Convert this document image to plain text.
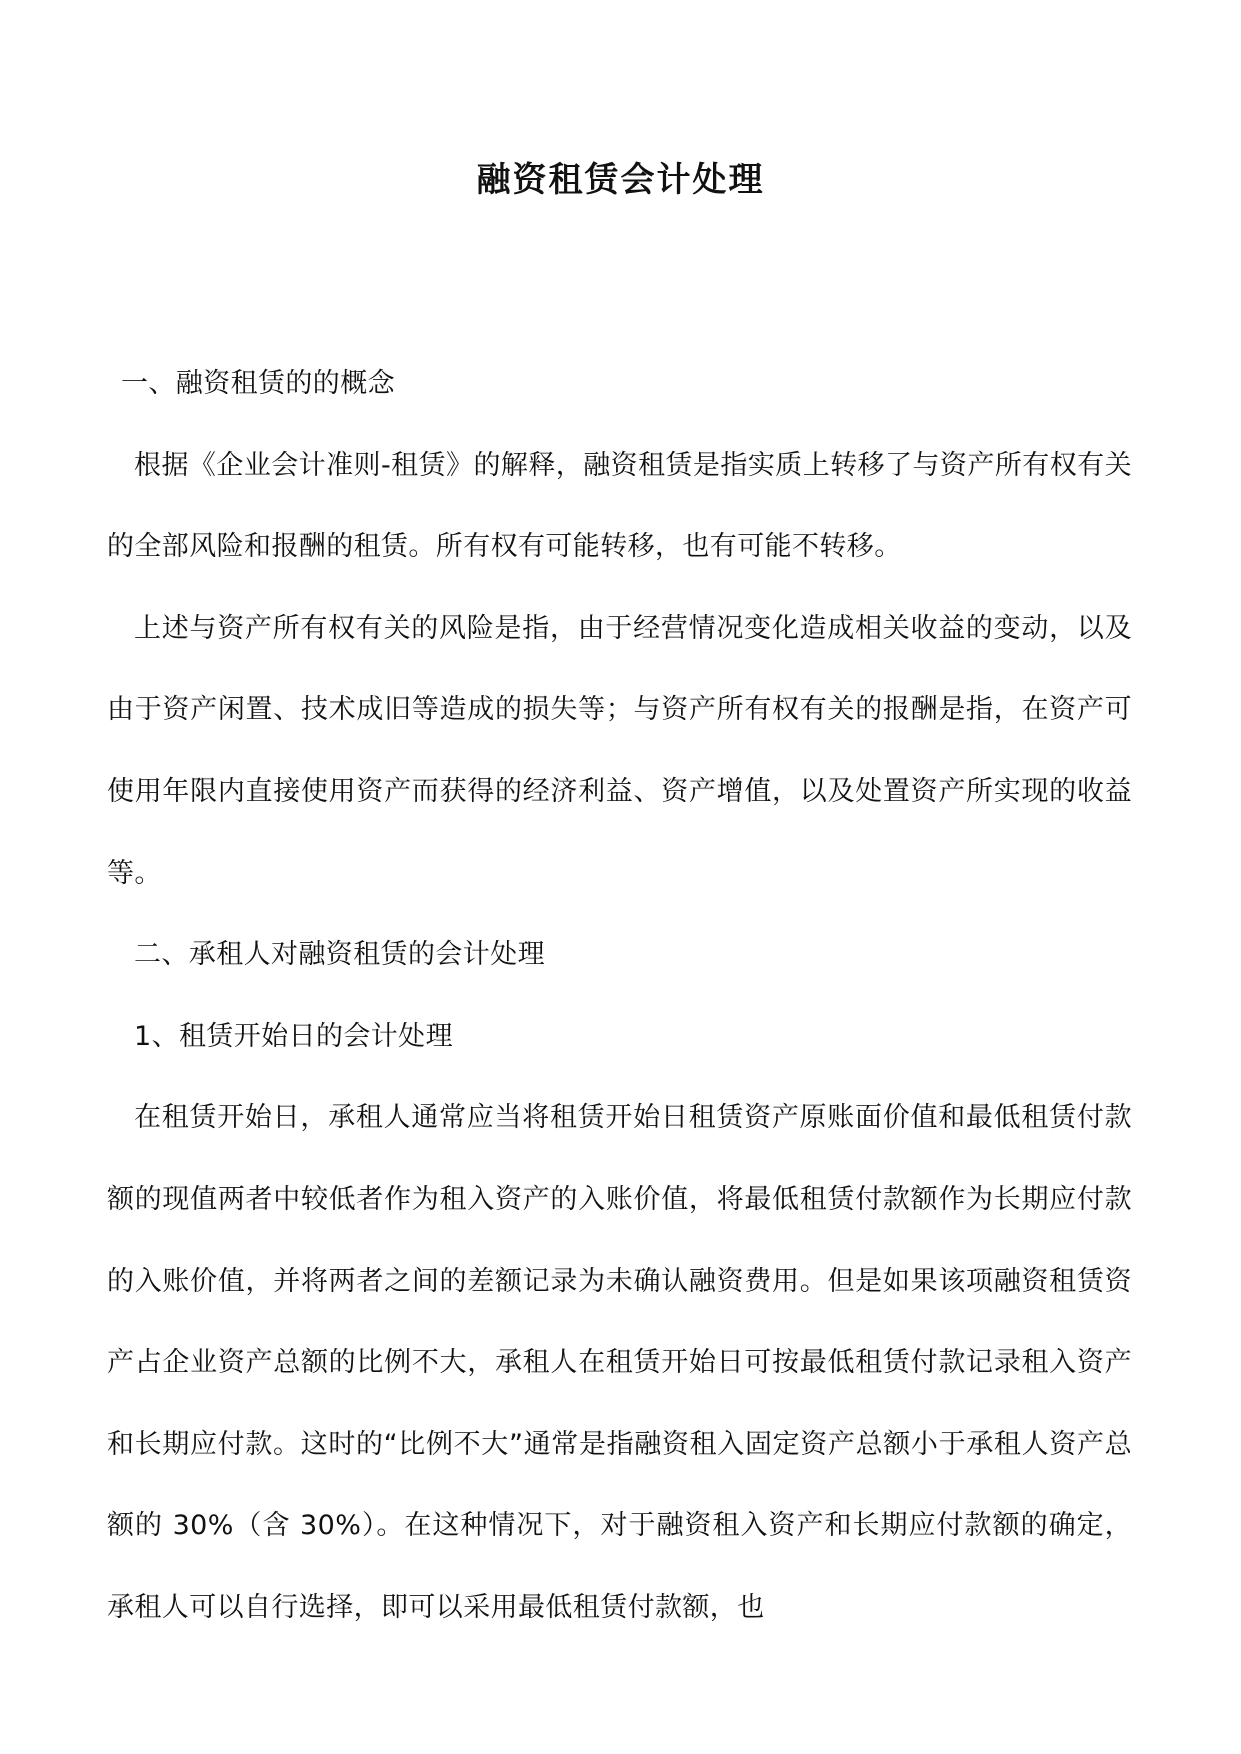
融资租赁会计处理

一、融资租赁的的概念

根据《企业会计准则-租赁》的解释，融资租赁是指实质上转移了与资产所有权有关的全部风险和报酬的租赁。所有权有可能转移，也有可能不转移。

上述与资产所有权有关的风险是指，由于经营情况变化造成相关收益的变动，以及由于资产闲置、技术成旧等造成的损失等；与资产所有权有关的报酬是指，在资产可使用年限内直接使用资产而获得的经济利益、资产增值，以及处置资产所实现的收益等。

二、承租人对融资租赁的会计处理

1、租赁开始日的会计处理

在租赁开始日，承租人通常应当将租赁开始日租赁资产原账面价值和最低租赁付款额的现值两者中较低者作为租入资产的入账价值，将最低租赁付款额作为长期应付款的入账价值，并将两者之间的差额记录为未确认融资费用。但是如果该项融资租赁资产占企业资产总额的比例不大，承租人在租赁开始日可按最低租赁付款记录租入资产和长期应付款。这时的“比例不大”通常是指融资租入固定资产总额小于承租人资产总额的 30%（含 30%）。在这种情况下，对于融资租入资产和长期应付款额的确定，承租人可以自行选择，即可以采用最低租赁付款额，也
